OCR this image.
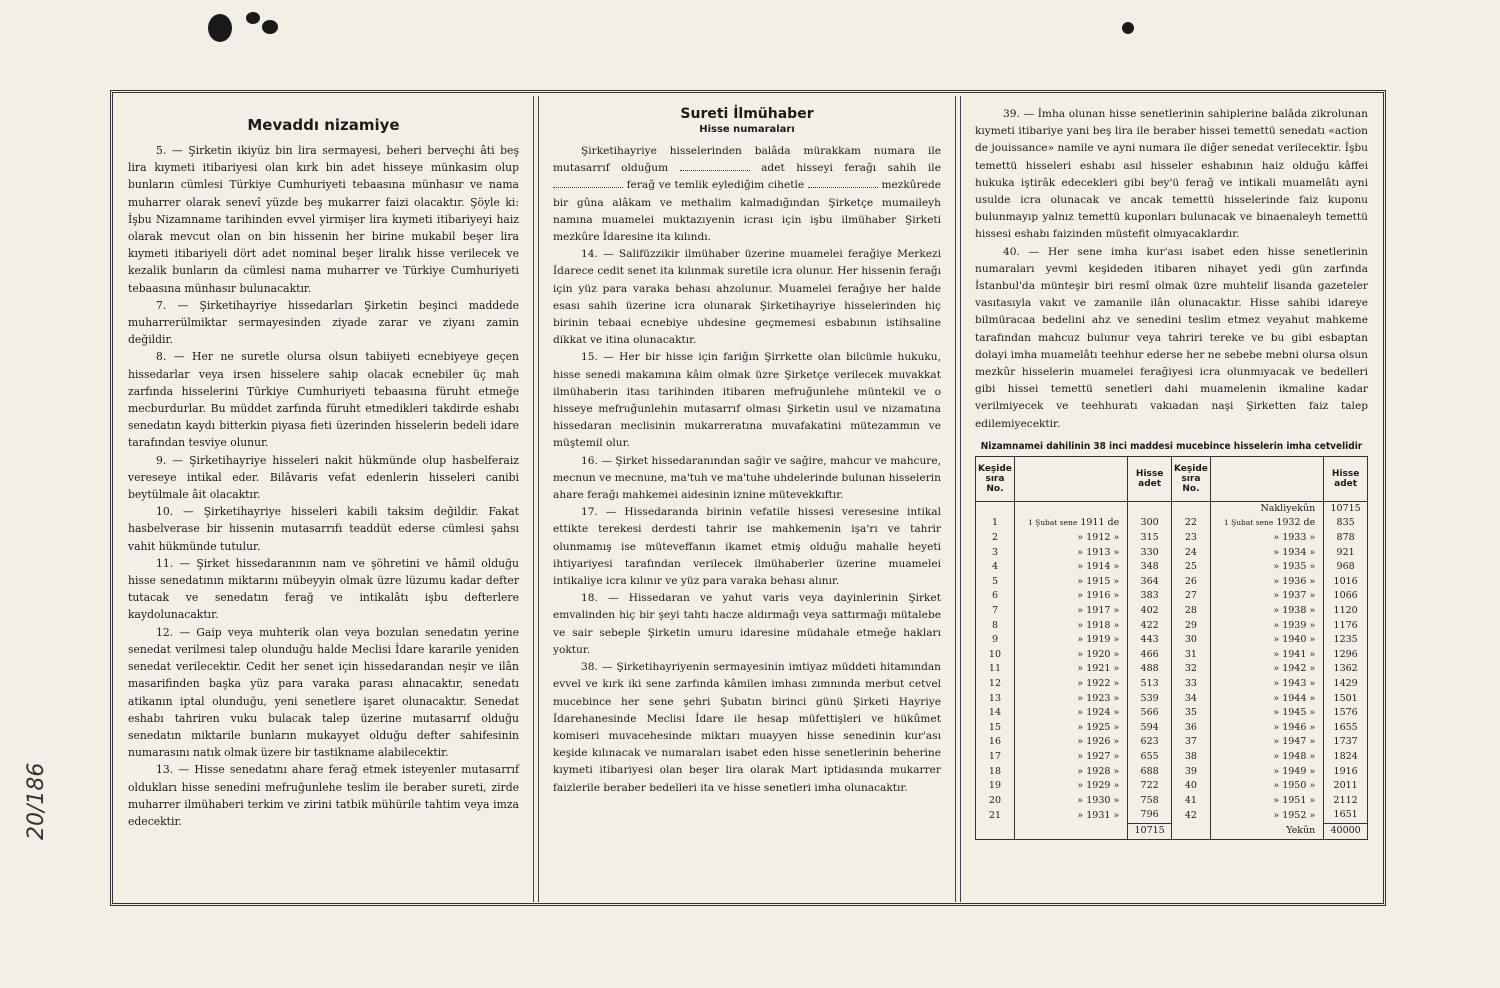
Mevaddı nizamiye

5. — Şirketin ikiyüz bin lira sermayesi, beheri berveçhi âti beş lira kıymeti itibariyesi olan kırk bin adet hisseye münkasim olup bunların cümlesi Türkiye Cumhuriyeti tebaasına münhasır ve nama muharrer olarak senevî yüzde beş mukarrer faizi olacaktır. Şöyle ki: İşbu Nizamname tarihinden evvel yirmişer lira kıymeti itibariyeyi haiz olarak mevcut olan on bin hissenin her birine mukabil beşer lira kıymeti itibariyeli dört adet nominal beşer liralık hisse verilecek ve kezalik bunların da cümlesi nama muharrer ve Türkiye Cumhuriyeti tebaasına münhasır bulunacaktır.

7. — Şirketihayriye hissedarları Şirketin beşinci maddede muharrerülmiktar sermayesinden ziyade zarar ve ziyanı zamin değildir.

8. — Her ne suretle olursa olsun tabiiyeti ecnebiyeye geçen hissedarlar veya irsen hisselere sahip olacak ecnebiler üç mah zarfında hisselerini Türkiye Cumhuriyeti tebaasına füruht etmeğe mecburdurlar. Bu müddet zarfında füruht etmedikleri takdirde eshabı senedatın kaydı bitterkin piyasa fieti üzerinden hisselerin bedeli idare tarafından tesviye olunur.

9. — Şirketihayriye hisseleri nakit hükmünde olup hasbelferaiz vereseye intikal eder. Bilâvaris vefat edenlerin hisseleri canibi beytülmale âit olacaktır.

10. — Şirketihayriye hisseleri kabili taksim değildir. Fakat hasbelverase bir hissenin mutasarrıfı teaddüt ederse cümlesi şahsı vahit hükmünde tutulur.

11. — Şirket hissedaranının nam ve şöhretini ve hâmil olduğu hisse senedatının miktarını mübeyyin olmak üzre lüzumu kadar defter tutacak ve senedatın ferağ ve intikalâtı işbu defterlere kaydolunacaktır.

12. — Gaip veya muhterik olan veya bozulan senedatın yerine senedat verilmesi talep olunduğu halde Meclisi İdare kararile yeniden senedat verilecektir. Cedit her senet için hissedarandan neşir ve ilân masarifinden başka yüz para varaka parası alınacaktır, senedatı atikanın iptal olunduğu, yeni senetlere işaret olunacaktır. Senedat eshabı tahriren vuku bulacak talep üzerine mutasarrıf olduğu senedatın miktarile bunların mukayyet olduğu defter sahifesinin numarasını natık olmak üzere bir tastikname alabilecektir.

13. — Hisse senedatını ahare ferağ etmek isteyenler mutasarrıf oldukları hisse senedini mefruğunlehe teslim ile beraber sureti, zirde muharrer ilmühaberi terkim ve zirini tatbik mühürile tahtim veya imza edecektir.

Sureti İlmühaber
Hisse numaraları

Şirketihayriye hisselerinden balâda mürakkam numara ile mutasarrıf olduğum	adet hisseyi ferağı sahih ile  ferağ ve temlik eylediğim cihetle	mezkûrede bir gûna alâkam ve methalim kalmadığından Şirketçe mumaileyh namına muamelei muktazıyenin icrası için işbu ilmühaber Şirketi mezkûre İdaresine ita kılındı.

14. — Salifüzzikir ilmühaber üzerine muamelei ferağiye Merkezi İdarece cedit senet ita kılınmak suretile icra olunur. Her hissenin ferağı için yüz para varaka behası ahzolunur. Muamelei ferağıye her halde esası sahih üzerine icra olunarak Şirketihayriye hisselerinden hiç birinin tebaai ecnebiye uhdesine geçmemesi esbabının istihsaline dikkat ve itina olunacaktır.

15. — Her bir hisse için fariğın Şirrkette olan bilcümle hukuku, hisse senedi makamına kâim olmak üzre Şirketçe verilecek muvakkat ilmühaberin itası tarihinden itibaren mefruğunlehe müntekil ve o hisseye mefruğunlehin mutasarrıf olması Şirketin usul ve nizamatına hissedaran meclisinin mukarreratına muvafakatini mütezammın ve müştemil olur.

16. — Şirket hissedaranından sağir ve sağire, mahcur ve mahcure, mecnun ve mecnune, ma'tuh ve ma'tuhe uhdelerinde bulunan hisselerin ahare ferağı mahkemei aidesinin iznine mütevekkıftır.

17. — Hissedaranda birinin vefatile hissesi veresesine intikal ettikte terekesi derdesti tahrir ise mahkemenin işa'rı ve tahrir olunmamış ise müteveffanın ikamet etmiş olduğu mahalle heyeti ihtiyariyesi tarafından verilecek ilmühaberler üzerine muamelei intikaliye icra kılınır ve yüz para varaka behası alınır.

18. — Hissedaran ve yahut varis veya dayinlerinin Şirket emvalinden hiç bir şeyi tahtı hacze aldırmağı veya sattırmağı mütalebe ve sair sebeple Şirketin umuru idaresine müdahale etmeğe hakları yoktur.

38. — Şirketihayriyenin sermayesinin imtiyaz müddeti hitamından evvel ve kırk iki sene zarfında kâmilen imhası zımnında merbut cetvel mucebince her sene şehri Şubatın birinci günü Şirketi Hayriye İdarehanesinde Meclisi İdare ile hesap müfettişleri ve hükûmet komiseri muvacehesinde miktarı muayyen hisse senedinin kur'ası keşide kılınacak ve numaraları isabet eden hisse senetlerinin beherine kıymeti itibariyesi olan beşer lira olarak Mart iptidasında mukarrer faizlerile beraber bedelleri ita ve hisse senetleri imha olunacaktır.

39. — İmha olunan hisse senetlerinin sahiplerine balâda zikrolunan kıymeti itibariye yani beş lira ile beraber hissei temettü senedatı «action de jouissance» namile ve ayni numara ile diğer senedat verilecektir. İşbu temettü hisseleri eshabı asıl hisseler eshabının haiz olduğu kâffei hukuka iştirâk edecekleri gibi bey'ü ferağ ve intikali muamelâtı ayni usulde icra olunacak ve ancak temettü hisselerinde faiz kuponu bulunmayıp yalnız temettü kuponları bulunacak ve binaenaleyh temettü hissesi eshabı faizinden müstefit olmıyacaklardır.

40. — Her sene imha kur'ası isabet eden hisse senetlerinin numaraları yevmi keşideden itibaren nihayet yedi gün zarfında İstanbul'da münteşir biri resmî olmak üzre muhtelif lisanda gazeteler vasıtasıyla vakıt ve zamanile ilân olunacaktır. Hisse sahibi idareye bilmüracaa bedelini ahz ve senedini teslim etmez veyahut mahkeme tarafından mahcuz bulunur veya tahriri tereke ve bu gibi esbaptan dolayi imha muamelâtı teehhur ederse her ne sebebe mebni olursa olsun mezkûr hisselerin muamelei ferağiyesi icra olunmıyacak ve bedelleri gibi hissei temettü senetleri dahi muamelenin ikmaline kadar verilmiyecek ve teehhuratı vakıadan naşi Şirketten faiz talep edilemiyecektir.

Nizamnamei dahilinin 38 inci maddesi mucebince hisselerin imha cetvelidir
Keşide sıra No.		Hisse adet	Keşide sıra No.		Hisse adet
				Nakliyekûn	10715
1	1 Şubat sene 1911 de	300	22	1 Şubat sene 1932 de	835
2	» 1912 »	315	23	» 1933 »	878
3	» 1913 »	330	24	» 1934 »	921
4	» 1914 »	348	25	» 1935 »	968
5	» 1915 »	364	26	» 1936 »	1016
6	» 1916 »	383	27	» 1937 »	1066
7	» 1917 »	402	28	» 1938 »	1120
8	» 1918 »	422	29	» 1939 »	1176
9	» 1919 »	443	30	» 1940 »	1235
10	» 1920 »	466	31	» 1941 »	1296
11	» 1921 »	488	32	» 1942 »	1362
12	» 1922 »	513	33	» 1943 »	1429
13	» 1923 »	539	34	» 1944 »	1501
14	» 1924 »	566	35	» 1945 »	1576
15	» 1925 »	594	36	» 1946 »	1655
16	» 1926 »	623	37	» 1947 »	1737
17	» 1927 »	655	38	» 1948 »	1824
18	» 1928 »	688	39	» 1949 »	1916
19	» 1929 »	722	40	» 1950 »	2011
20	» 1930 »	758	41	» 1951 »	2112
21	» 1931 »	796	42	» 1952 »	1651
		10715		Yekûn	40000
20/186
